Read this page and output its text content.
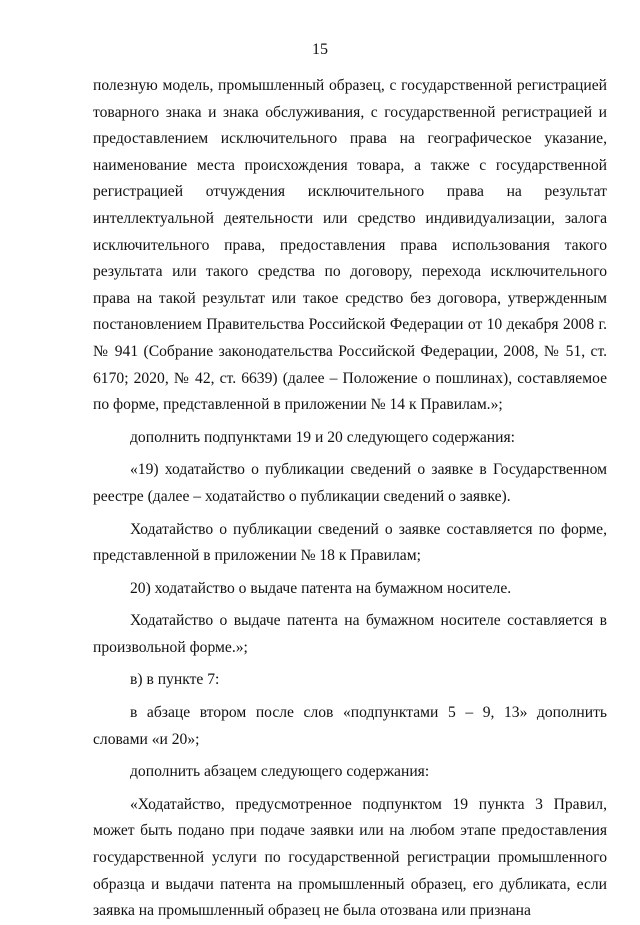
15

полезную модель, промышленный образец, с государственной регистрацией товарного знака и знака обслуживания, с государственной регистрацией и предоставлением исключительного права на географическое указание, наименование места происхождения товара, а также с государственной регистрацией отчуждения исключительного права на результат интеллектуальной деятельности или средство индивидуализации, залога исключительного права, предоставления права использования такого результата или такого средства по договору, перехода исключительного права на такой результат или такое средство без договора, утвержденным постановлением Правительства Российской Федерации от 10 декабря 2008 г. № 941 (Собрание законодательства Российской Федерации, 2008, № 51, ст. 6170; 2020, № 42, ст. 6639) (далее – Положение о пошлинах), составляемое по форме, представленной в приложении № 14 к Правилам.»;

дополнить подпунктами 19 и 20 следующего содержания:

«19) ходатайство о публикации сведений о заявке в Государственном реестре (далее – ходатайство о публикации сведений о заявке).

Ходатайство о публикации сведений о заявке составляется по форме, представленной в приложении № 18 к Правилам;

20) ходатайство о выдаче патента на бумажном носителе.

Ходатайство о выдаче патента на бумажном носителе составляется в произвольной форме.»;

в) в пункте 7:

в абзаце втором после слов «подпунктами 5 – 9, 13» дополнить словами «и 20»;

дополнить абзацем следующего содержания:

«Ходатайство, предусмотренное подпунктом 19 пункта 3 Правил, может быть подано при подаче заявки или на любом этапе предоставления государственной услуги по государственной регистрации промышленного образца и выдачи патента на промышленный образец, его дубликата, если заявка на промышленный образец не была отозвана или признана
